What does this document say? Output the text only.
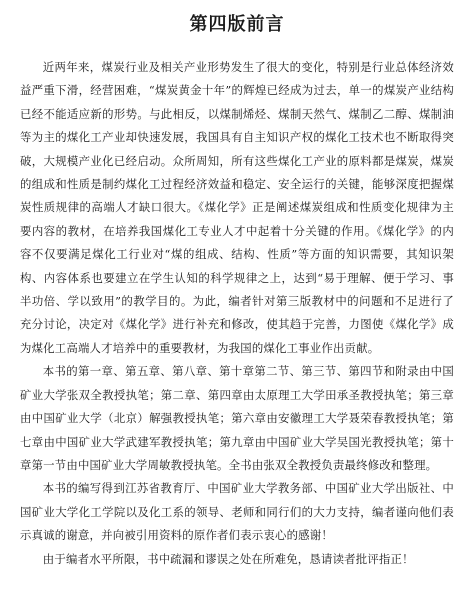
第四版前言

近两年来，煤炭行业及相关产业形势发生了很大的变化，特别是行业总体经济效益严重下滑，经营困难，“煤炭黄金十年”的辉煌已经成为过去，单一的煤炭产业结构已经不能适应新的形势。与此相反，以煤制烯烃、煤制天然气、煤制乙二醇、煤制油等为主的煤化工产业却快速发展，我国具有自主知识产权的煤化工技术也不断取得突破，大规模产业化已经启动。众所周知，所有这些煤化工产业的原料都是煤炭，煤炭的组成和性质是制约煤化工过程经济效益和稳定、安全运行的关键，能够深度把握煤炭性质规律的高端人才缺口很大。《煤化学》正是阐述煤炭组成和性质变化规律为主要内容的教材，在培养我国煤化工专业人才中起着十分关键的作用。《煤化学》的内容不仅要满足煤化工行业对“煤的组成、结构、性质”等方面的知识需要，其知识架构、内容体系也要建立在学生认知的科学规律之上，达到“易于理解、便于学习、事半功倍、学以致用”的教学目的。为此，编者针对第三版教材中的问题和不足进行了充分讨论，决定对《煤化学》进行补充和修改，使其趋于完善，力图使《煤化学》成为煤化工高端人才培养中的重要教材，为我国的煤化工事业作出贡献。

本书的第一章、第五章、第八章、第十章第二节、第三节、第四节和附录由中国矿业大学张双全教授执笔；第二章、第四章由太原理工大学田承圣教授执笔；第三章由中国矿业大学（北京）解强教授执笔；第六章由安徽理工大学聂荣春教授执笔；第七章由中国矿业大学武建军教授执笔；第九章由中国矿业大学吴国光教授执笔；第十章第一节由中国矿业大学周敏教授执笔。全书由张双全教授负责最终修改和整理。

本书的编写得到江苏省教育厅、中国矿业大学教务部、中国矿业大学出版社、中国矿业大学化工学院以及化工系的领导、老师和同行们的大力支持，编者谨向他们表示真诚的谢意，并向被引用资料的原作者们表示衷心的感谢！

由于编者水平所限，书中疏漏和谬误之处在所难免，恳请读者批评指正！
